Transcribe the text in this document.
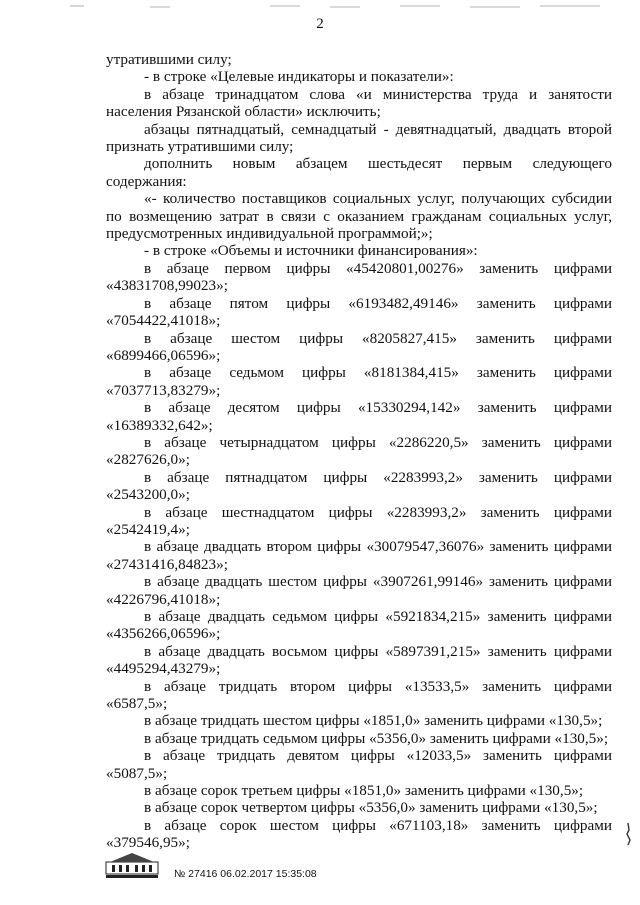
2

утратившими силу;

- в строке «Целевые индикаторы и показатели»:

в абзаце тринадцатом слова «и министерства труда и занятости населения Рязанской области» исключить;

абзацы пятнадцатый, семнадцатый - девятнадцатый, двадцать второй признать утратившими силу;

дополнить новым абзацем шестьдесят первым следующего содержания:

«- количество поставщиков социальных услуг, получающих субсидии по возмещению затрат в связи с оказанием гражданам социальных услуг, предусмотренных индивидуальной программой;»;

- в строке «Объемы и источники финансирования»:

в абзаце первом цифры «45420801,00276» заменить цифрами «43831708,99023»;

в абзаце пятом цифры «6193482,49146» заменить цифрами «7054422,41018»;

в абзаце шестом цифры «8205827,415» заменить цифрами «6899466,06596»;

в абзаце седьмом цифры «8181384,415» заменить цифрами «7037713,83279»;

в абзаце десятом цифры «15330294,142» заменить цифрами «16389332,642»;

в абзаце четырнадцатом цифры «2286220,5» заменить цифрами «2827626,0»;

в абзаце пятнадцатом цифры «2283993,2» заменить цифрами «2543200,0»;

в абзаце шестнадцатом цифры «2283993,2» заменить цифрами «2542419,4»;

в абзаце двадцать втором цифры «30079547,36076» заменить цифрами «27431416,84823»;

в абзаце двадцать шестом цифры «3907261,99146» заменить цифрами «4226796,41018»;

в абзаце двадцать седьмом цифры «5921834,215» заменить цифрами «4356266,06596»;

в абзаце двадцать восьмом цифры «5897391,215» заменить цифрами «4495294,43279»;

в абзаце тридцать втором цифры «13533,5» заменить цифрами «6587,5»;

в абзаце тридцать шестом цифры «1851,0» заменить цифрами «130,5»;

в абзаце тридцать седьмом цифры «5356,0» заменить цифрами «130,5»;

в абзаце тридцать девятом цифры «12033,5» заменить цифрами «5087,5»;

в абзаце сорок третьем цифры «1851,0» заменить цифрами «130,5»;

в абзаце сорок четвертом цифры «5356,0» заменить цифрами «130,5»;

в абзаце сорок шестом цифры «671103,18» заменить цифрами «379546,95»;

№ 27416 06.02.2017 15:35:08
